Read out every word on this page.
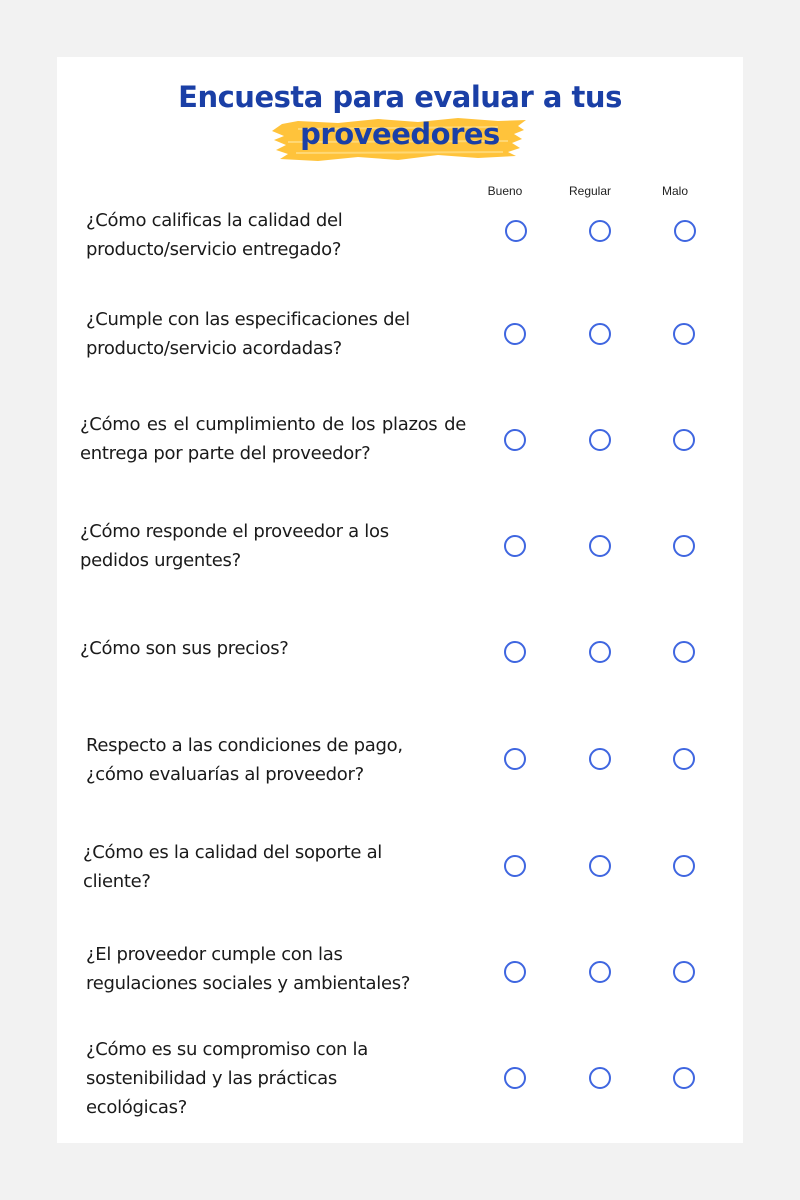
Encuesta para evaluar a tus
proveedores
Bueno	Regular	Malo
¿Cómo calificas la calidad del producto/servicio entregado?
¿Cumple con las especificaciones del producto/servicio acordadas?
¿Cómo es el cumplimiento de los plazos de entrega por parte del proveedor?
¿Cómo responde el proveedor a los pedidos urgentes?
¿Cómo son sus precios?
Respecto a las condiciones de pago, ¿cómo evaluarías al proveedor?
¿Cómo es la calidad del soporte al cliente?
¿El proveedor cumple con las regulaciones sociales y ambientales?
¿Cómo es su compromiso con la sostenibilidad y las prácticas ecológicas?
